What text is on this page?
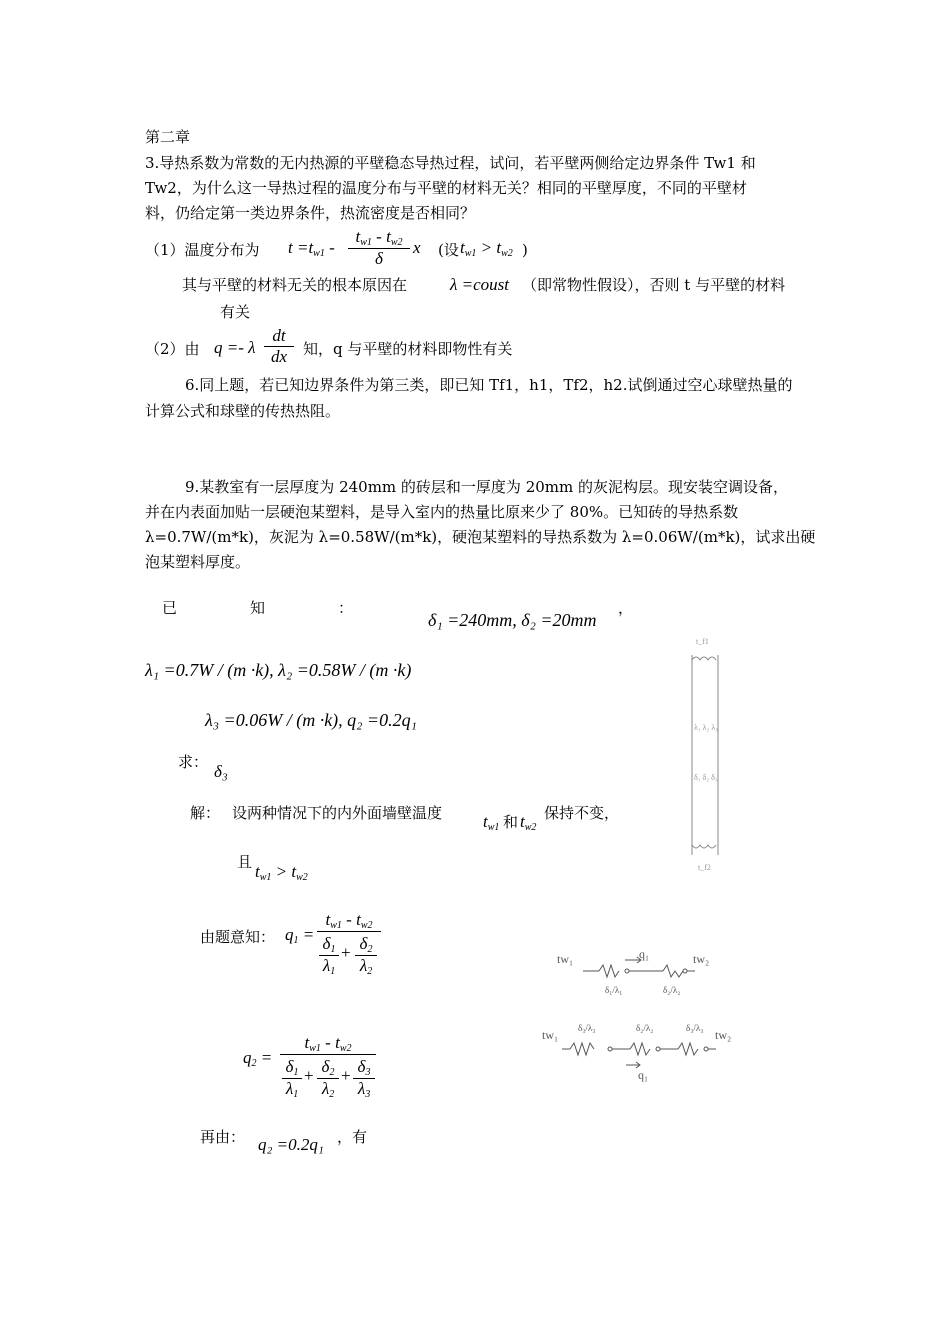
第二章
3.导热系数为常数的无内热源的平壁稳态导热过程，试问，若平壁两侧给定边界条件 Tw1 和
Tw2，为什么这一导热过程的温度分布与平壁的材料无关？相同的平壁厚度，不同的平壁材
料，仍给定第一类边界条件，热流密度是否相同？
（1）温度分布为 $t =t_{w1}$ -
$t_{w1} - t_{w2}$
δ
x (设 $t_{w1} > t_{w2}$ )
其与平壁的材料无关的根本原因在	λ =coust （即常物性假设），否则 t 与平壁的材料
有关
（2）由 q =- λ
dt
dx	知，q 与平壁的材料即物性有关
6.同上题，若已知边界条件为第三类，即已知 Tf1，h1，Tf2，h2.试倒通过空心球壁热量的
计算公式和球壁的传热热阻。
9.某教室有一层厚度为 240mm 的砖层和一厚度为 20mm 的灰泥构层。现安装空调设备，
并在内表面加贴一层硬泡某塑料，是导入室内的热量比原来少了 80%。已知砖的导热系数
λ=0.7W/(m*k)，灰泥为 λ=0.58W/(m*k)，硬泡某塑料的导热系数为 λ=0.06W/(m*k)，试求出硬
泡某塑料厚度。
已	知	：
δ₁ =240mm, δ₂ =20mm
，
λ₁ =0.7W / (m ·k), λ₂ =0.58W / (m ·k)
λ₃ =0.06W / (m ·k), q₂ =0.2q₁
求： δ₃
解： 设两种情况下的内外面墙壁温度 $t_{w1}$ 和 $t_{w2}$
保持不变，
且 $t_{w1} > t_{w2}$
由题意知： $q_1$ =
$t_{w1} - t_{w2}$
$\delta_1$
$\lambda_1$
+ $\delta_2$
$\lambda_2$
$q_2$ =
$t_{w1} - t_{w2}$
$\delta_1$
$\lambda_1$
+ $\delta_2$
$\lambda_2$
+ $\delta_3$
$\lambda_3$
再由： q₂ =0.2q₁ ，有
t_f1
λ₁ λ₂ λ₃
δ₁ δ₂ δ₃
t_f2
tw₁	q₁	tw₂
δ₁/λ₁	δ₂/λ₂
tw₁	tw₂
δ₃/λ₃	δ₂/λ₂	δ₃/λ₃
q₁
